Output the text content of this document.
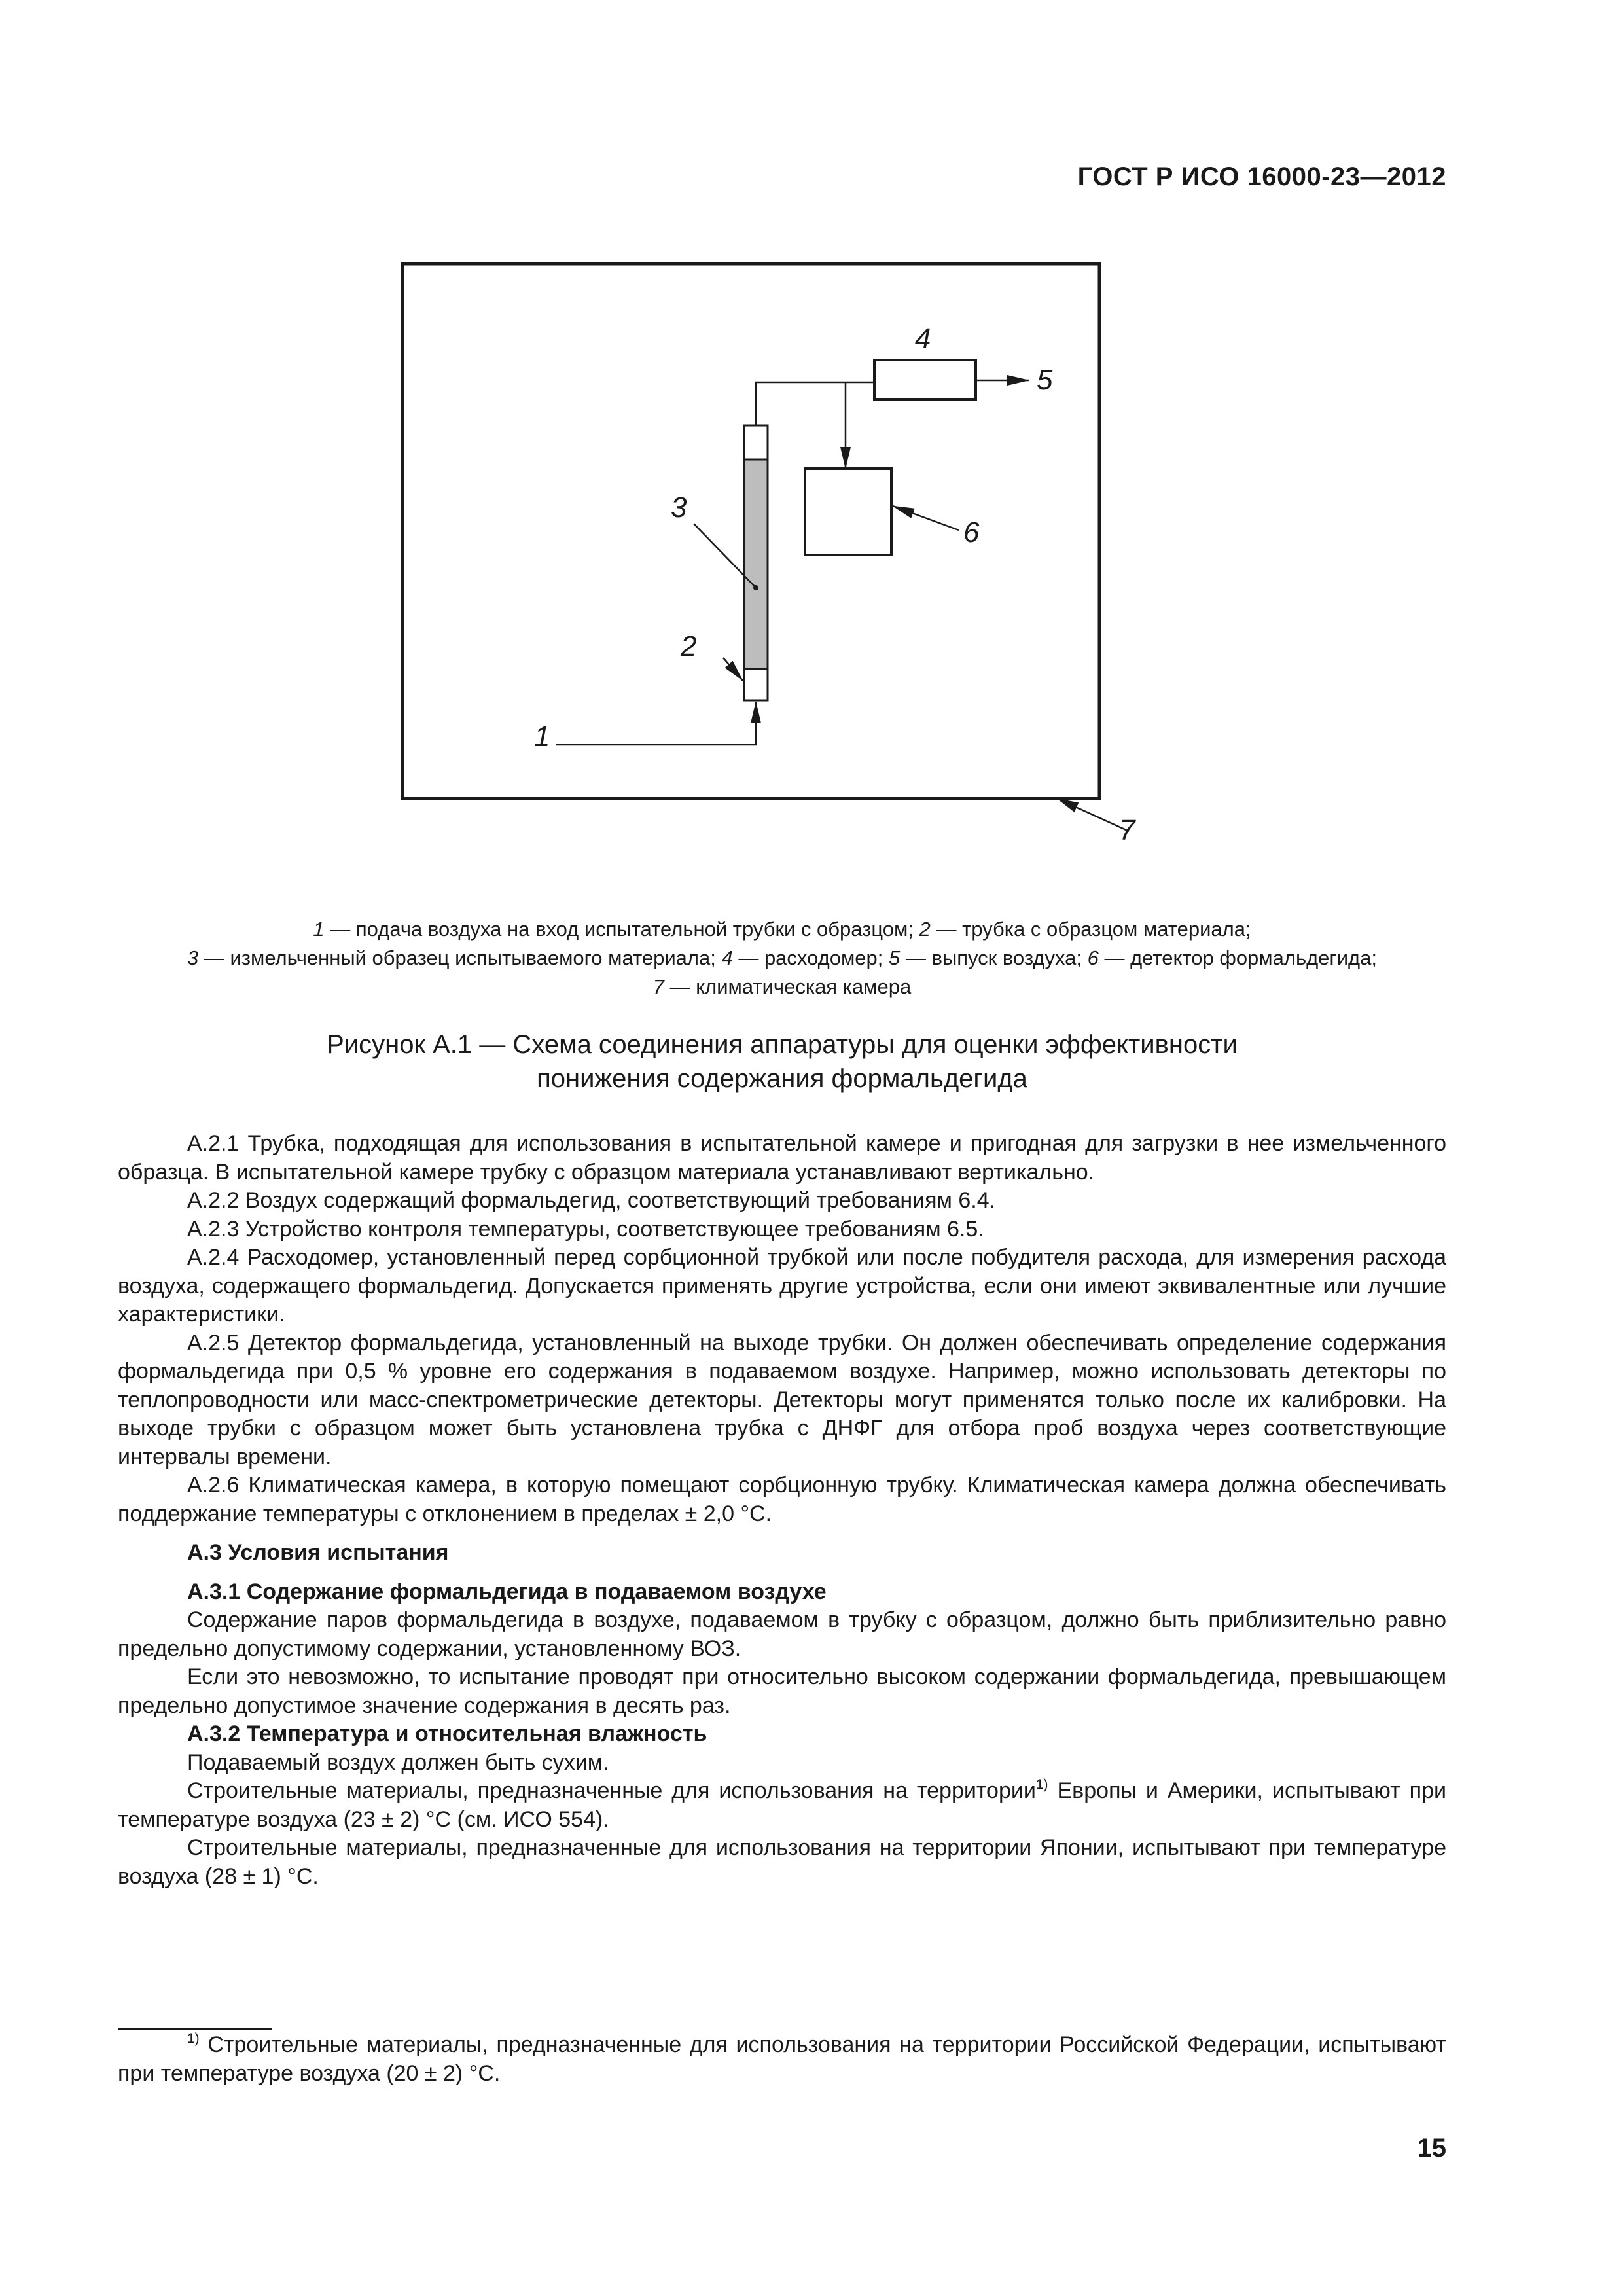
ГОСТ Р ИСО 16000-23—2012
4
5
3
6
2
1
7
1 — подача воздуха на вход испытательной трубки с образцом; 2 — трубка с образцом материала;
3 — измельченный образец испытываемого материала; 4 — расходомер; 5 — выпуск воздуха; 6 — детектор формальдегида;
7 — климатическая камера
Рисунок А.1 — Схема соединения аппаратуры для оценки эффективности
понижения содержания формальдегида

А.2.1 Трубка, подходящая для использования в испытательной камере и пригодная для загрузки в нее измельченного образца. В испытательной камере трубку с образцом материала устанавливают вертикально.

А.2.2 Воздух содержащий формальдегид, соответствующий требованиям 6.4.

А.2.3 Устройство контроля температуры, соответствующее требованиям 6.5.

А.2.4 Расходомер, установленный перед сорбционной трубкой или после побудителя расхода, для измерения расхода воздуха, содержащего формальдегид. Допускается применять другие устройства, если они имеют эквивалентные или лучшие характеристики.

А.2.5 Детектор формальдегида, установленный на выходе трубки. Он должен обеспечивать определение содержания формальдегида при 0,5 % уровне его содержания в подаваемом воздухе. Например, можно использовать детекторы по теплопроводности или масс-спектрометрические детекторы. Детекторы могут применятся только после их калибровки. На выходе трубки с образцом может быть установлена трубка с ДНФГ для отбора проб воздуха через соответствующие интервалы времени.

А.2.6 Климатическая камера, в которую помещают сорбционную трубку. Климатическая камера должна обеспечивать поддержание температуры с отклонением в пределах ± 2,0 °С.

А.3 Условия испытания

А.3.1 Содержание формальдегида в подаваемом воздухе

Содержание паров формальдегида в воздухе, подаваемом в трубку с образцом, должно быть приблизительно равно предельно допустимому содержании, установленному ВОЗ.

Если это невозможно, то испытание проводят при относительно высоком содержании формальдегида, превышающем предельно допустимое значение содержания в десять раз.

А.3.2 Температура и относительная влажность

Подаваемый воздух должен быть сухим.

Строительные материалы, предназначенные для использования на территории$^{1)}$ Европы и Америки, испытывают при температуре воздуха (23 ± 2) °С (см. ИСО 554).

Строительные материалы, предназначенные для использования на территории Японии, испытывают при температуре воздуха (28 ± 1) °С.

$^{1)}$ Строительные материалы, предназначенные для использования на территории Российской Федерации, испытывают при температуре воздуха (20 ± 2) °С.
15
